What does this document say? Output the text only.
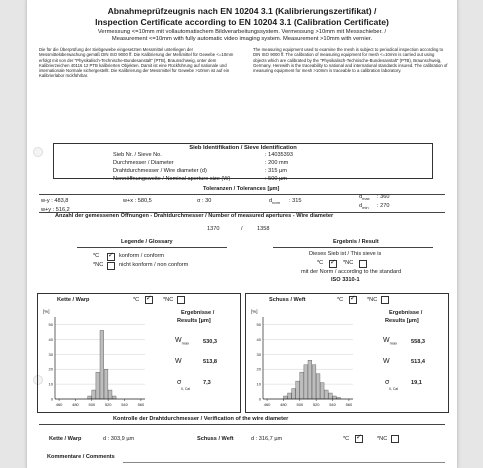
Abnahmeprüfzeugnis nach EN 10204 3.1 (Kalibrierungszertifikat) /
Inspection Certificate according to EN 10204 3.1 (Calibration Certificate)
Vermessung <=10mm mit vollautomatischem Bildverarbeitungssystem. Vermessung >10mm mit Messschieber. /
Measurement <=10mm with fully automatic video imaging system. Measurement >10mm with vernier.
Die für die Überprüfung der Siebgewebe eingesetzten Messmittel unterliegen der Messmittelüberwachung gemäß DIN ISO 9000 ff. Die Kalibrierung der Meßmittel für Gewebe <=10mm erfolgt mit von der "Physikalisch-Technische-Bundesanstalt" (PTB), Braunschweig, unter dem Kalibrierzeichen 40116 12 PTB kalibrierten Objekten. Damit ist eine Rückführung auf nationale und internationale Normale sichergestellt. Die Kalibrierung der Messmittel für Gewebe >10mm ist auf ein Kalibrierlabor rückführbar.
The measuring equipment used to examine the mesh is subject to periodical inspection according to DIN ISO 9000 ff. The calibration of measuring equipment for mesh <=10mm is carried out using objects which are calibrated by the "Physikalisch-Technische-Bundesanstalt" (PTB), Braunschweig, Germany. Herewith is the traceability to national and international standards insured. The calibration of measuring equipment for mesh >10mm is traceable to a calibration laboratory.
Sieb Identifikation / Sieve Identification
Sieb Nr. / Sieve No.	: 14035393
Durchmesser / Diameter	: 200 mm
Drahtdurchmesser / Wire diameter (d)	: 315 µm
Nennöffnungsweite / Nominal aperture size (W)	: 500 µm
Toleranzen / Tolerances [µm]
w-y : 483,8	w+x : 580,5	σ : 30	$d_{nom}$ : 315
$d_{max}$ : 360
w+y : 516,2
$d_{min}$ : 270
Anzahl der gemessenen Öffnungen - Drahtdurchmesser / Number of measured apertures - Wire diameter
1370	/	1358
Legende / Glossary
*C ✓	konform / conform
*NC	nicht konform / non conform
Ergebnis / Result
Dieses Sieb ist / This sieve is
*C ✓	*NC
mit der Norm / according to the standard
ISO 3310-1
Kette / Warp	*C ✓	*NC
[%]
0
10
20
30
40
50
460 480 500 520 540 560
Ergebnisse /
Results [µm]
$W_{max}$ 530,3
W	513,8
σ
0, Cal
7,3
Schuss / Weft	*C ✓	*NC
[%]
0
10
20
30
40
50
460 480 500 520 540 560
Ergebnisse /
Results [µm]
$W_{max}$ 558,3
W	513,4
σ
0, Cal
19,1
Kontrolle der Drahtdurchmesser / Verification of the wire diameter
Kette / Warp	d : 303,9 µm	Schuss / Weft	d : 316,7 µm	*C ✓	*NC
Kommentare / Comments
